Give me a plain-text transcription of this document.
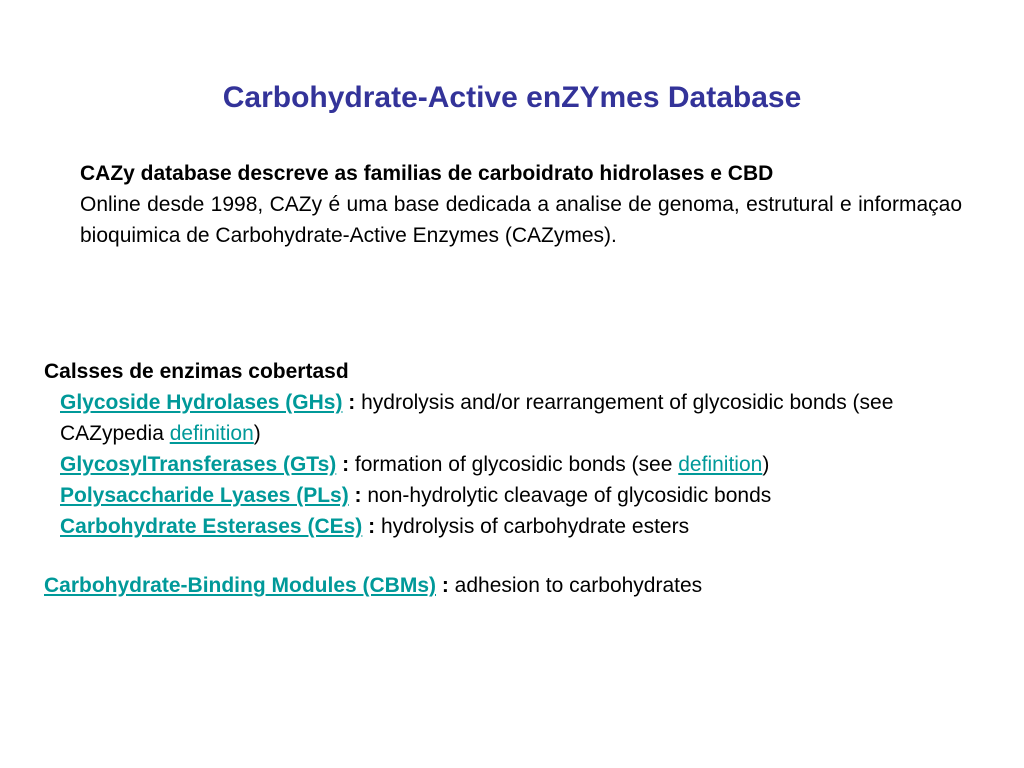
Carbohydrate-Active enZYmes Database
CAZy database descreve as familias de carboidrato hidrolases e CBD
Online desde 1998, CAZy é uma base dedicada a analise de genoma, estrutural e informaçao bioquimica de Carbohydrate-Active Enzymes (CAZymes).
Calsses de enzimas cobertasd
Glycoside Hydrolases (GHs) : hydrolysis and/or rearrangement of glycosidic bonds (see CAZypedia definition)
GlycosylTransferases (GTs) : formation of glycosidic bonds (see definition)
Polysaccharide Lyases (PLs) : non-hydrolytic cleavage of glycosidic bonds
Carbohydrate Esterases (CEs) : hydrolysis of carbohydrate esters
Carbohydrate-Binding Modules (CBMs) : adhesion to carbohydrates
